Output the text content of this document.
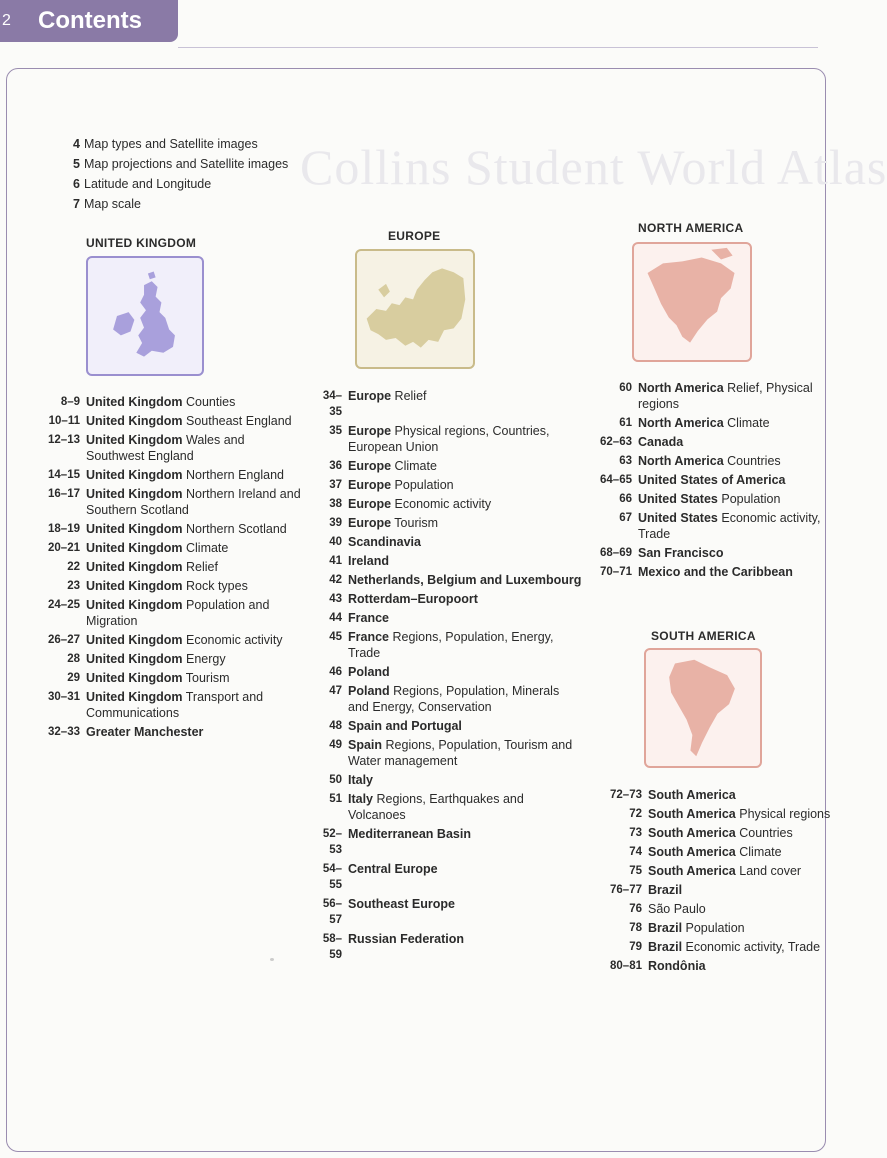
2	Contents
Collins Student World Atlas
4 Map types and Satellite images
5 Map projections and Satellite images
6 Latitude and Longitude
7 Map scale
UNITED KINGDOM
8–9 United Kingdom Counties
10–11 United Kingdom Southeast England
12–13 United Kingdom Wales and Southwest England
14–15 United Kingdom Northern England
16–17 United Kingdom Northern Ireland and Southern Scotland
18–19 United Kingdom Northern Scotland
20–21 United Kingdom Climate
22 United Kingdom Relief
23 United Kingdom Rock types
24–25 United Kingdom Population and Migration
26–27 United Kingdom Economic activity
28 United Kingdom Energy
29 United Kingdom Tourism
30–31 United Kingdom Transport and Communications
32–33 Greater Manchester
EUROPE
34–35
Europe Relief
35 Europe Physical regions, Countries, European Union
36 Europe Climate
37 Europe Population
38 Europe Economic activity
39 Europe Tourism
40 Scandinavia
41 Ireland
42 Netherlands, Belgium and Luxembourg
43 Rotterdam–Europoort
44 France
45 France Regions, Population, Energy, Trade
46 Poland
47 Poland Regions, Population, Minerals and Energy, Conservation
48 Spain and Portugal
49 Spain Regions, Population, Tourism and Water management
50 Italy
51 Italy Regions, Earthquakes and Volcanoes
52–53
Mediterranean Basin
54–55
Central Europe
56–57
Southeast Europe
58–59
Russian Federation
NORTH AMERICA
60 North America Relief, Physical regions
61 North America Climate
62–63 Canada
63 North America Countries
64–65 United States of America
66 United States Population
67 United States Economic activity, Trade
68–69 San Francisco
70–71 Mexico and the Caribbean
SOUTH AMERICA
72–73 South America
72 South America Physical regions
73 South America Countries
74 South America Climate
75 South America Land cover
76–77 Brazil
76 São Paulo
78 Brazil Population
79 Brazil Economic activity, Trade
80–81 Rondônia
